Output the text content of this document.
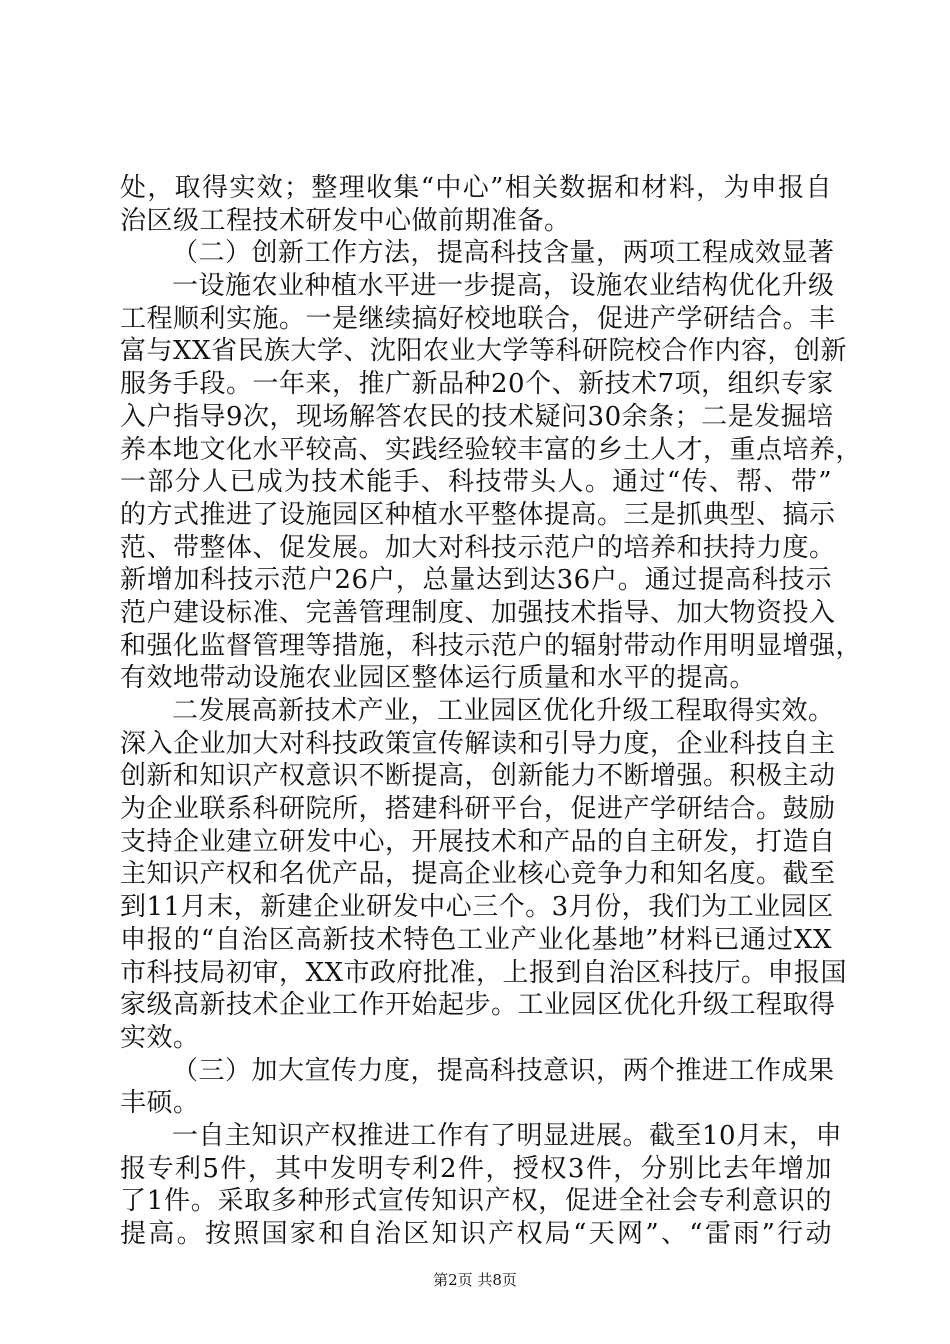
处，取得实效；整理收集“中心”相关数据和材料，为申报自
治区级工程技术研发中心做前期准备。
（二）创新工作方法，提高科技含量，两项工程成效显著
一设施农业种植水平进一步提高，设施农业结构优化升级
工程顺利实施。一是继续搞好校地联合，促进产学研结合。丰
富与XX省民族大学、沈阳农业大学等科研院校合作内容，创新
服务手段。一年来，推广新品种20个、新技术7项，组织专家
入户指导9次，现场解答农民的技术疑问30余条；二是发掘培
养本地文化水平较高、实践经验较丰富的乡土人才，重点培养，
一部分人已成为技术能手、科技带头人。通过“传、帮、带”
的方式推进了设施园区种植水平整体提高。三是抓典型、搞示
范、带整体、促发展。加大对科技示范户的培养和扶持力度。
新增加科技示范户26户，总量达到达36户。通过提高科技示
范户建设标准、完善管理制度、加强技术指导、加大物资投入
和强化监督管理等措施，科技示范户的辐射带动作用明显增强，
有效地带动设施农业园区整体运行质量和水平的提高。
二发展高新技术产业，工业园区优化升级工程取得实效。
深入企业加大对科技政策宣传解读和引导力度，企业科技自主
创新和知识产权意识不断提高，创新能力不断增强。积极主动
为企业联系科研院所，搭建科研平台，促进产学研结合。鼓励
支持企业建立研发中心，开展技术和产品的自主研发，打造自
主知识产权和名优产品，提高企业核心竞争力和知名度。截至
到11月末，新建企业研发中心三个。3月份，我们为工业园区
申报的“自治区高新技术特色工业产业化基地”材料已通过XX
市科技局初审，XX市政府批准，上报到自治区科技厅。申报国
家级高新技术企业工作开始起步。工业园区优化升级工程取得
实效。
（三）加大宣传力度，提高科技意识，两个推进工作成果
丰硕。
一自主知识产权推进工作有了明显进展。截至10月末，申
报专利5件，其中发明专利2件，授权3件，分别比去年增加
了1件。采取多种形式宣传知识产权，促进全社会专利意识的
提高。按照国家和自治区知识产权局“天网”、“雷雨”行动
第2页 共8页
